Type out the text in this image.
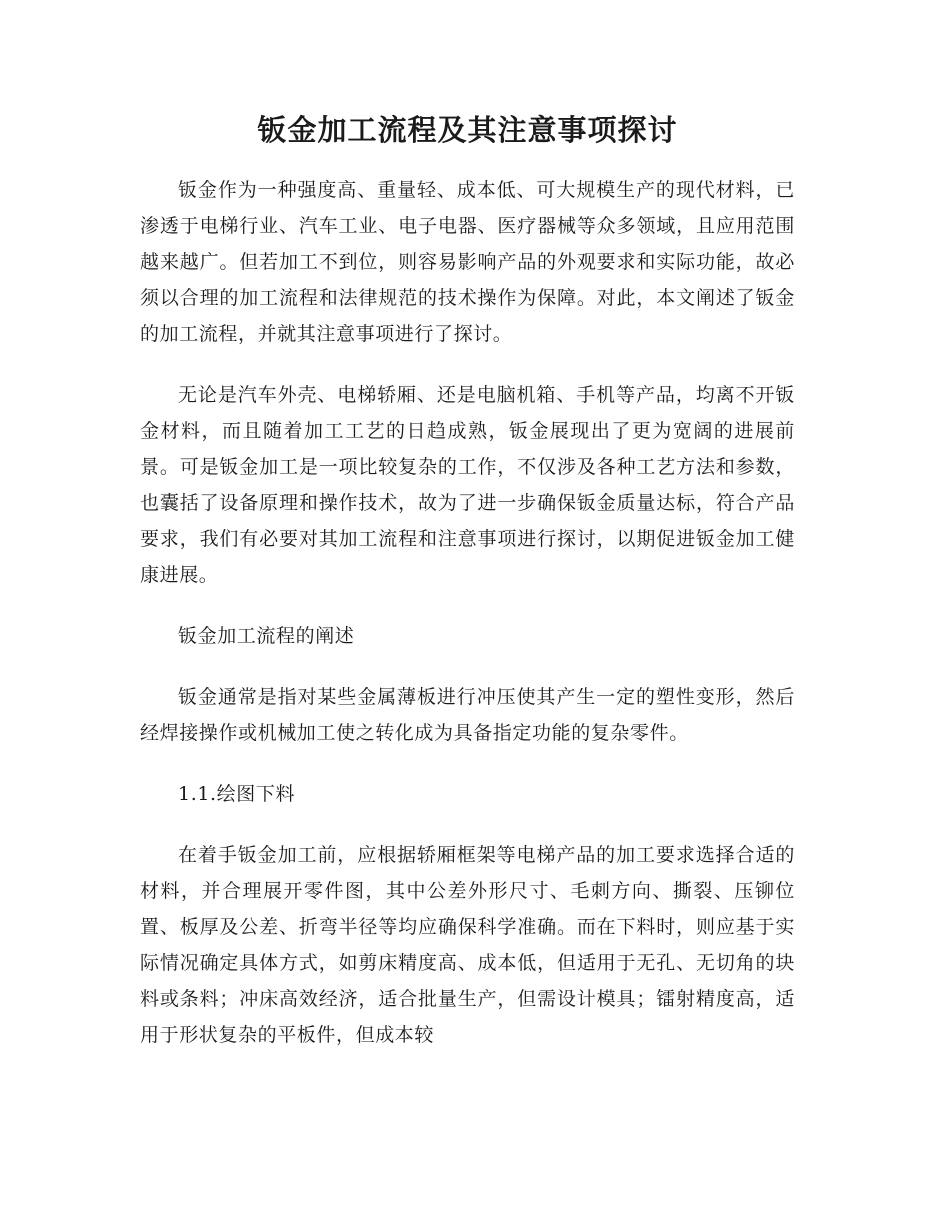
钣金加工流程及其注意事项探讨

钣金作为一种强度高、重量轻、成本低、可大规模生产的现代材料，已渗透于电梯行业、汽车工业、电子电器、医疗器械等众多领域，且应用范围越来越广。但若加工不到位，则容易影响产品的外观要求和实际功能，故必须以合理的加工流程和法律规范的技术操作为保障。对此，本文阐述了钣金的加工流程，并就其注意事项进行了探讨。

无论是汽车外壳、电梯轿厢、还是电脑机箱、手机等产品，均离不开钣金材料，而且随着加工工艺的日趋成熟，钣金展现出了更为宽阔的进展前景。可是钣金加工是一项比较复杂的工作，不仅涉及各种工艺方法和参数，也囊括了设备原理和操作技术，故为了进一步确保钣金质量达标，符合产品要求，我们有必要对其加工流程和注意事项进行探讨，以期促进钣金加工健康进展。

钣金加工流程的阐述

钣金通常是指对某些金属薄板进行冲压使其产生一定的塑性变形，然后经焊接操作或机械加工使之转化成为具备指定功能的复杂零件。

1.1.绘图下料

在着手钣金加工前，应根据轿厢框架等电梯产品的加工要求选择合适的材料，并合理展开零件图，其中公差外形尺寸、毛刺方向、撕裂、压铆位置、板厚及公差、折弯半径等均应确保科学准确。而在下料时，则应基于实际情况确定具体方式，如剪床精度高、成本低，但适用于无孔、无切角的块料或条料；冲床高效经济，适合批量生产，但需设计模具；镭射精度高，适用于形状复杂的平板件，但成本较
